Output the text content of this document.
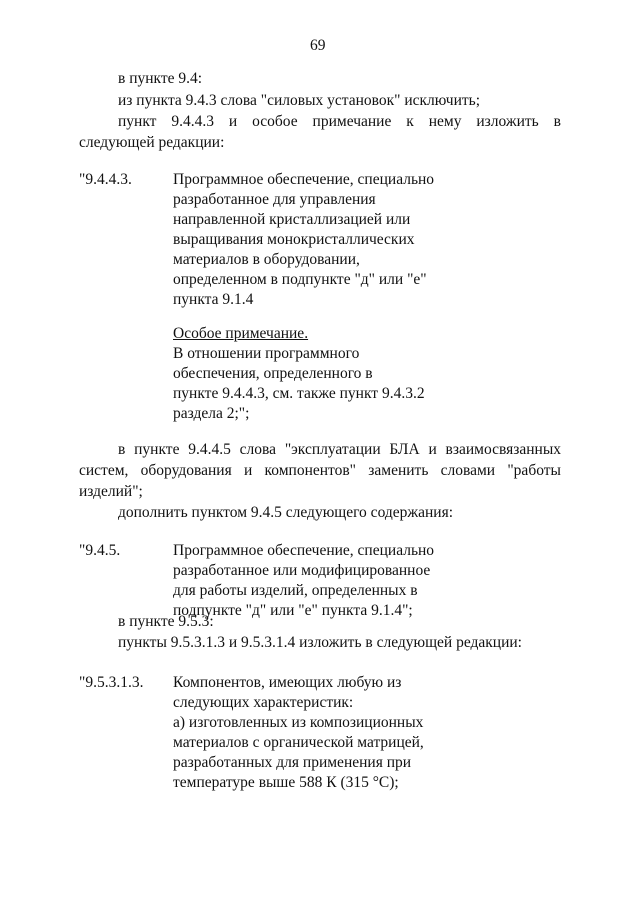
69
в пункте 9.4:
из пункта 9.4.3 слова "силовых установок" исключить;
пункт 9.4.4.3 и особое примечание к нему изложить в
следующей редакции:
"9.4.4.3.	Программное обеспечение, специально
разработанное для управления
направленной кристаллизацией или
выращивания монокристаллических
материалов в оборудовании,
определенном в подпункте "д" или "е"
пункта 9.1.4
Особое примечание.
В отношении программного
обеспечения, определенного в
пункте 9.4.4.3, см. также пункт 9.4.3.2
раздела 2;";
в пункте 9.4.4.5 слова "эксплуатации БЛА и взаимосвязанных
систем, оборудования и компонентов" заменить словами "работы
изделий";
дополнить пунктом 9.4.5 следующего содержания:
"9.4.5.	Программное обеспечение, специально
разработанное или модифицированное
для работы изделий, определенных в
подпункте "д" или "е" пункта 9.1.4";
в пункте 9.5.3:
пункты 9.5.3.1.3 и 9.5.3.1.4 изложить в следующей редакции:
"9.5.3.1.3. Компонентов, имеющих любую из
следующих характеристик:
а) изготовленных из композиционных
материалов с органической матрицей,
разработанных для применения при
температуре выше 588 К (315 °C);
